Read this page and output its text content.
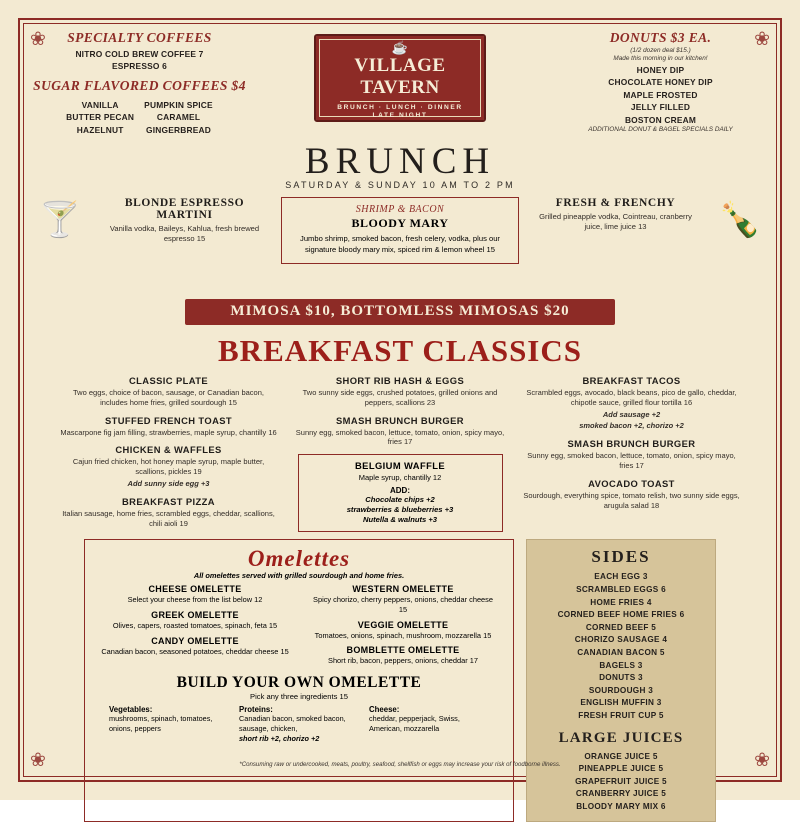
❀	❀
❀	❀
SPECIALTY COFFEES
NITRO COLD BREW COFFEE 7
ESPRESSO 6
SUGAR FLAVORED COFFEES $4
VANILLA
BUTTER PECAN
HAZELNUT
PUMPKIN SPICE
CARAMEL
GINGERBREAD
☕
VILLAGE TAVERN
BRUNCH · LUNCH · DINNER
LATE NIGHT
DONUTS $3 EA.
(1/2 dozen deal $15.)
Made this morning in our kitchen!
HONEY DIP
CHOCOLATE HONEY DIP
MAPLE FROSTED
JELLY FILLED
BOSTON CREAM
ADDITIONAL DONUT & BAGEL SPECIALS DAILY
BRUNCH
SATURDAY & SUNDAY 10 AM TO 2 PM
🍸	BLONDE ESPRESSO MARTINI

Vanilla vodka, Baileys, Kahlua, fresh brewed espresso 15

SHRIMP & BACON
BLOODY MARY

Jumbo shrimp, smoked bacon, fresh celery, vodka, plus our signature bloody mary mix, spiced rim & lemon wheel 15

FRESH & FRENCHY

Grilled pineapple vodka, Cointreau, cranberry juice, lime juice 13	🍾
MIMOSA $10, BOTTOMLESS MIMOSAS $20
BREAKFAST CLASSICS
CLASSIC PLATE

Two eggs, choice of bacon, sausage, or Canadian bacon, includes home fries, grilled sourdough 15

STUFFED FRENCH TOAST

Mascarpone fig jam filling, strawberries, maple syrup, chantilly 16

CHICKEN & WAFFLES

Cajun fried chicken, hot honey maple syrup, maple butter, scallions, pickles 19

Add sunny side egg +3

BREAKFAST PIZZA

Italian sausage, home fries, scrambled eggs, cheddar, scallions, chili aioli 19

SHORT RIB HASH & EGGS

Two sunny side eggs, crushed potatoes, grilled onions and peppers, scallions 23

SMASH BRUNCH BURGER

Sunny egg, smoked bacon, lettuce, tomato, onion, spicy mayo, fries 17

BELGIUM WAFFLE

Maple syrup, chantilly 12

ADD:
Chocolate chips +2
strawberries & blueberries +3
Nutella & walnuts +3
BREAKFAST TACOS

Scrambled eggs, avocado, black beans, pico de gallo, cheddar, chipotle sauce, grilled flour tortilla 16

Add sausage +2

smoked bacon +2, chorizo +2

SMASH BRUNCH BURGER

Sunny egg, smoked bacon, lettuce, tomato, onion, spicy mayo, fries 17

AVOCADO TOAST

Sourdough, everything spice, tomato relish, two sunny side eggs, arugula salad 18

Omelettes
All omelettes served with grilled sourdough and home fries.
CHEESE OMELETTE

Select your cheese from the list below 12

GREEK OMELETTE

Olives, capers, roasted tomatoes, spinach, feta 15

CANDY OMELETTE

Canadian bacon, seasoned potatoes, cheddar cheese 15

WESTERN OMELETTE

Spicy chorizo, cherry peppers, onions, cheddar cheese 15

VEGGIE OMELETTE

Tomatoes, onions, spinach, mushroom, mozzarella 15

BOMBLETTE OMELETTE

Short rib, bacon, peppers, onions, cheddar 17

BUILD YOUR OWN OMELETTE
Pick any three ingredients 15
Vegetables:
mushrooms, spinach, tomatoes, onions, peppers
Proteins:
Canadian bacon, smoked bacon, sausage, chicken,
short rib +2, chorizo +2
Cheese:
cheddar, pepperjack, Swiss, American, mozzarella
SIDES
EACH EGG 3
SCRAMBLED EGGS 6
HOME FRIES 4
CORNED BEEF HOME FRIES 6
CORNED BEEF 5
CHORIZO SAUSAGE 4
CANADIAN BACON 5
BAGELS 3
DONUTS 3
SOURDOUGH 3
ENGLISH MUFFIN 3
FRESH FRUIT CUP 5
LARGE JUICES
ORANGE JUICE 5
PINEAPPLE JUICE 5
GRAPEFRUIT JUICE 5
CRANBERRY JUICE 5
BLOODY MARY MIX 6
*Consuming raw or undercooked, meats, poultry, seafood, shellfish or eggs may increase your risk of foodborne illness.
